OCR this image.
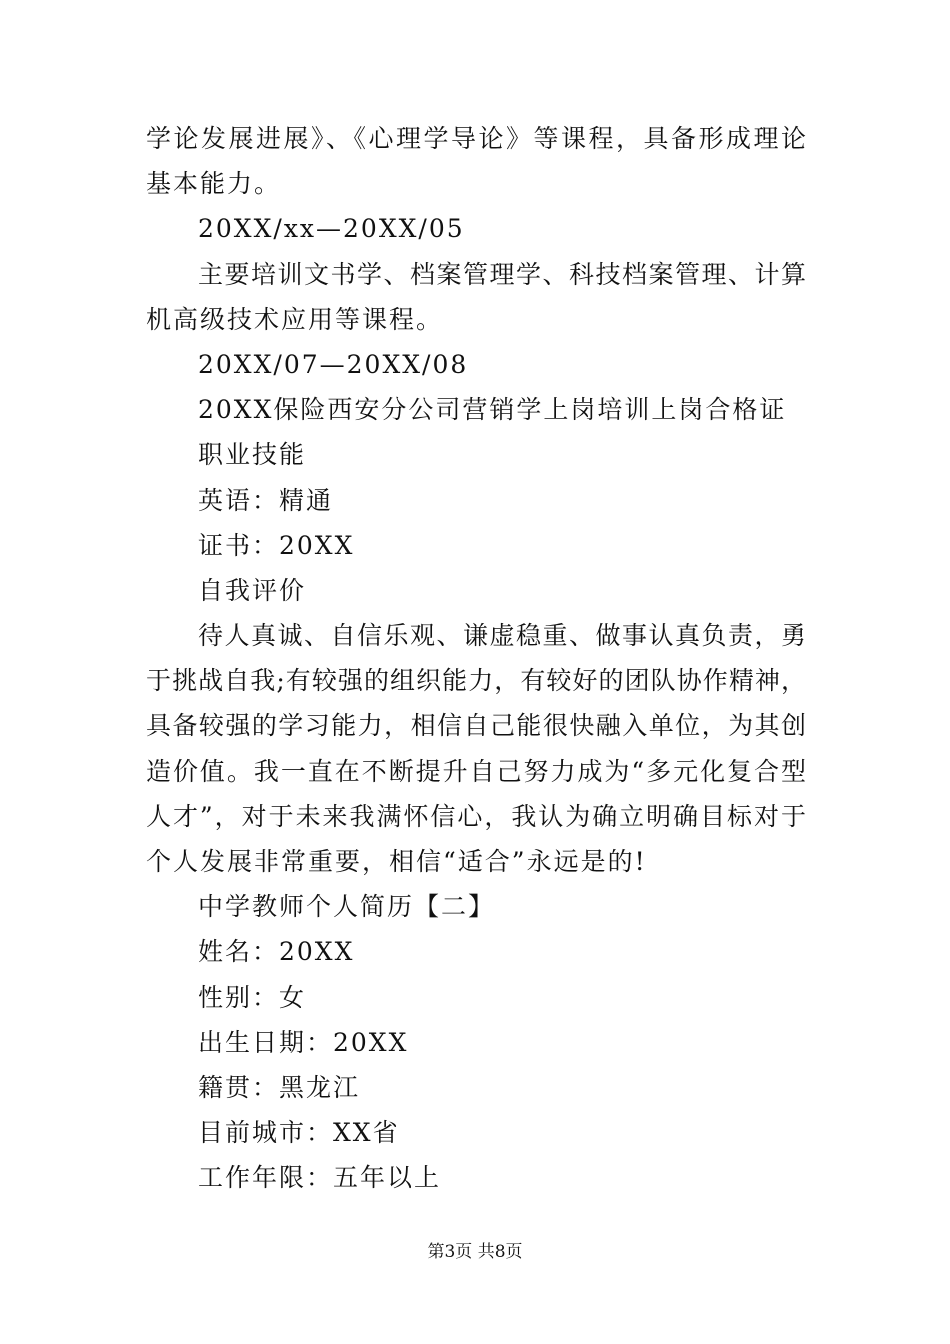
学论发展进展》、《心理学导论》等课程，具备形成理论
基本能力。
20XX/xx—20XX/05
主要培训文书学、档案管理学、科技档案管理、计算
机高级技术应用等课程。
20XX/07—20XX/08
20XX保险西安分公司营销学上岗培训上岗合格证
职业技能
英语：精通
证书：20XX
自我评价
待人真诚、自信乐观、谦虚稳重、做事认真负责，勇
于挑战自我;有较强的组织能力，有较好的团队协作精神，
具备较强的学习能力，相信自己能很快融入单位，为其创
造价值。我一直在不断提升自己努力成为“多元化复合型
人才”，对于未来我满怀信心，我认为确立明确目标对于
个人发展非常重要，相信“适合”永远是的!
中学教师个人简历【二】
姓名：20XX
性别：女
出生日期：20XX
籍贯：黑龙江
目前城市：XX省
工作年限：五年以上
第3页 共8页
